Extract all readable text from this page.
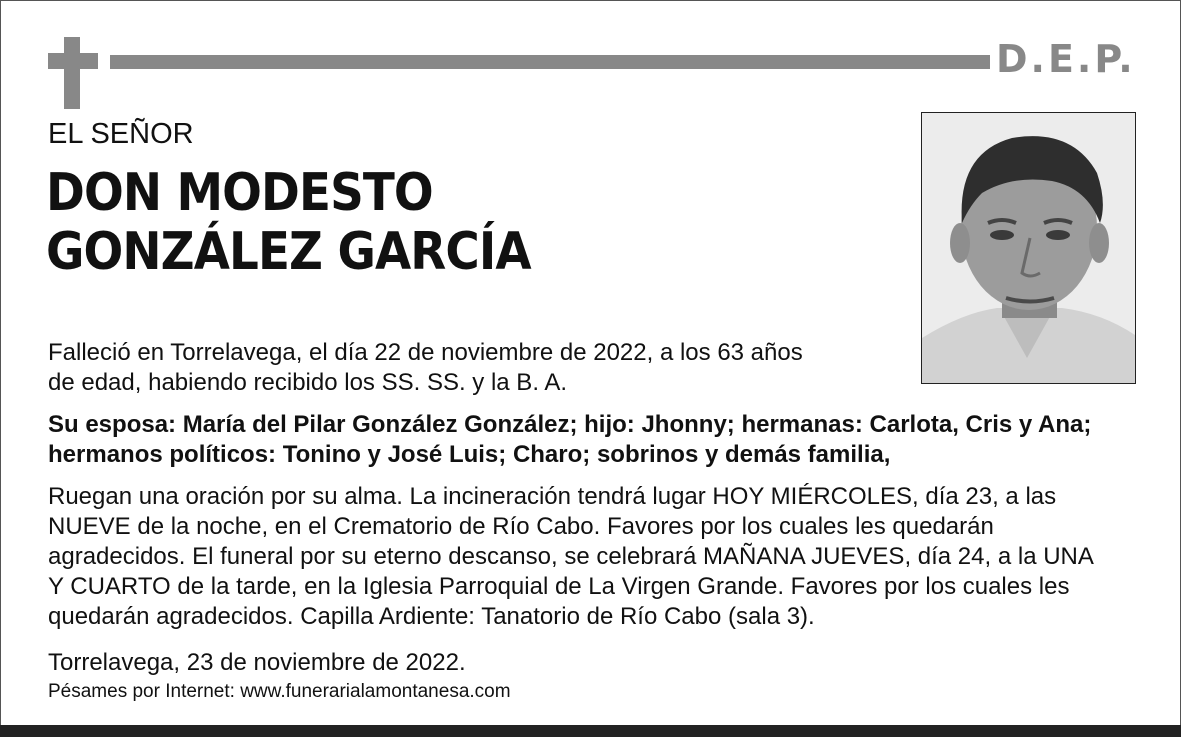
D.E.P.
EL SEÑOR
DON MODESTO
GONZÁLEZ GARCÍA
Falleció en Torrelavega, el día 22 de noviembre de 2022, a los 63 años
de edad, habiendo recibido los SS. SS. y la B. A.
Su esposa: María del Pilar González González; hijo: Jhonny; hermanas: Carlota, Cris y Ana;
hermanos políticos: Tonino y José Luis; Charo; sobrinos y demás familia,
Ruegan una oración por su alma. La incineración tendrá lugar HOY MIÉRCOLES, día 23, a las
NUEVE de la noche, en el Crematorio de Río Cabo. Favores por los cuales les quedarán
agradecidos. El funeral por su eterno descanso, se celebrará MAÑANA JUEVES, día 24, a la UNA
Y CUARTO de la tarde, en la Iglesia Parroquial de La Virgen Grande. Favores por los cuales les
quedarán agradecidos. Capilla Ardiente: Tanatorio de Río Cabo (sala 3).
Torrelavega, 23 de noviembre de 2022.
Pésames por Internet: www.funerarialamontanesa.com
